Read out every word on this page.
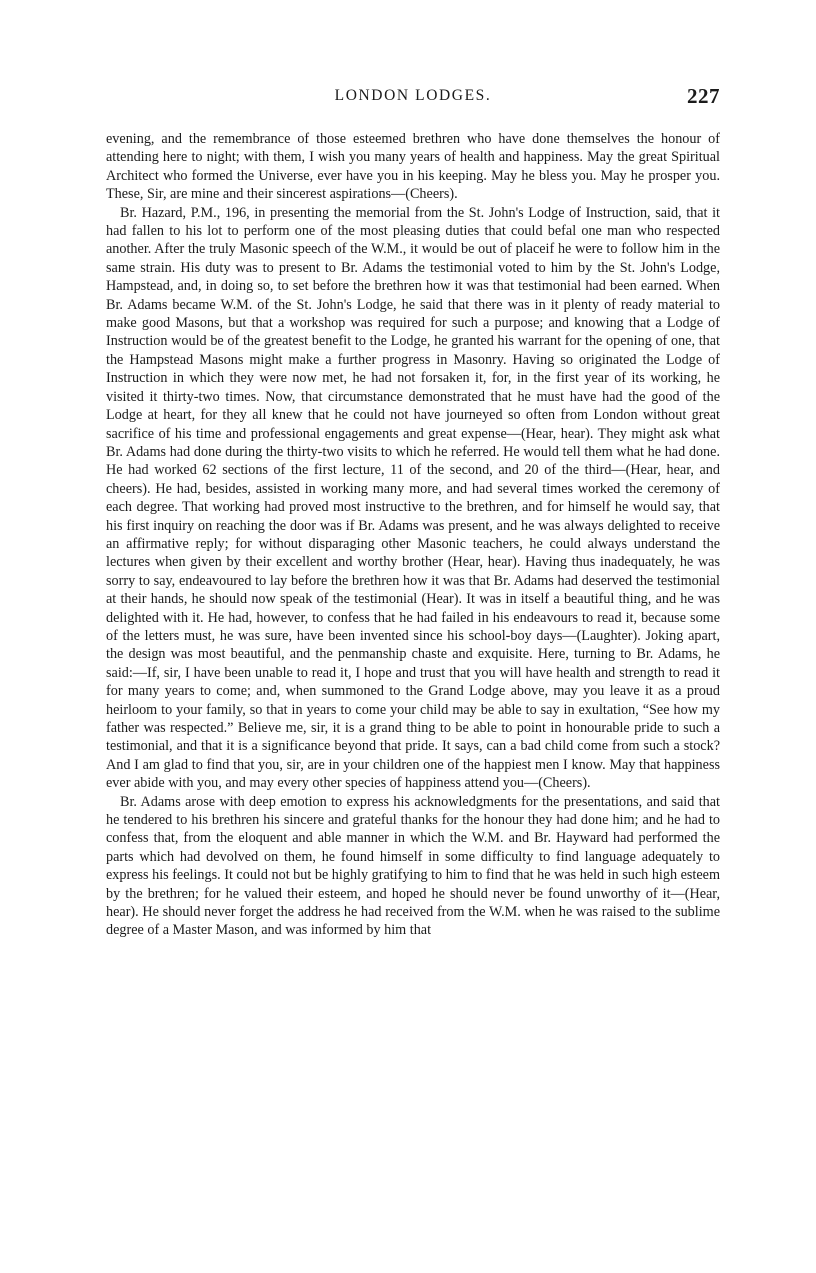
LONDON LODGES.	227

evening, and the remembrance of those esteemed brethren who have done themselves the honour of attending here to night; with them, I wish you many years of health and happiness. May the great Spiritual Architect who formed the Universe, ever have you in his keeping. May he bless you. May he prosper you. These, Sir, are mine and their sincerest aspirations—(Cheers).

Br. Hazard, P.M., 196, in presenting the memorial from the St. John's Lodge of Instruction, said, that it had fallen to his lot to perform one of the most pleasing duties that could befal one man who respected another. After the truly Masonic speech of the W.M., it would be out of placeif he were to follow him in the same strain. His duty was to present to Br. Adams the testimonial voted to him by the St. John's Lodge, Hampstead, and, in doing so, to set before the brethren how it was that testimonial had been earned. When Br. Adams became W.M. of the St. John's Lodge, he said that there was in it plenty of ready material to make good Masons, but that a workshop was required for such a purpose; and knowing that a Lodge of Instruction would be of the greatest benefit to the Lodge, he granted his warrant for the opening of one, that the Hampstead Masons might make a further progress in Masonry. Having so originated the Lodge of Instruction in which they were now met, he had not forsaken it, for, in the first year of its working, he visited it thirty-two times. Now, that circumstance demonstrated that he must have had the good of the Lodge at heart, for they all knew that he could not have journeyed so often from London without great sacrifice of his time and professional engagements and great expense—(Hear, hear). They might ask what Br. Adams had done during the thirty-two visits to which he referred. He would tell them what he had done. He had worked 62 sections of the first lecture, 11 of the second, and 20 of the third—(Hear, hear, and cheers). He had, besides, assisted in working many more, and had several times worked the ceremony of each degree. That working had proved most instructive to the brethren, and for himself he would say, that his first inquiry on reaching the door was if Br. Adams was present, and he was always delighted to receive an affirmative reply; for without disparaging other Masonic teachers, he could always understand the lectures when given by their excellent and worthy brother (Hear, hear). Having thus inadequately, he was sorry to say, endeavoured to lay before the brethren how it was that Br. Adams had deserved the testimonial at their hands, he should now speak of the testimonial (Hear). It was in itself a beautiful thing, and he was delighted with it. He had, however, to confess that he had failed in his endeavours to read it, because some of the letters must, he was sure, have been invented since his school-boy days—(Laughter). Joking apart, the design was most beautiful, and the penmanship chaste and exquisite. Here, turning to Br. Adams, he said:—If, sir, I have been unable to read it, I hope and trust that you will have health and strength to read it for many years to come; and, when summoned to the Grand Lodge above, may you leave it as a proud heirloom to your family, so that in years to come your child may be able to say in exultation, “See how my father was respected.” Believe me, sir, it is a grand thing to be able to point in honourable pride to such a testimonial, and that it is a significance beyond that pride. It says, can a bad child come from such a stock? And I am glad to find that you, sir, are in your children one of the happiest men I know. May that happiness ever abide with you, and may every other species of happiness attend you—(Cheers).

Br. Adams arose with deep emotion to express his acknowledgments for the presentations, and said that he tendered to his brethren his sincere and grateful thanks for the honour they had done him; and he had to confess that, from the eloquent and able manner in which the W.M. and Br. Hayward had performed the parts which had devolved on them, he found himself in some difficulty to find language adequately to express his feelings. It could not but be highly gratifying to him to find that he was held in such high esteem by the brethren; for he valued their esteem, and hoped he should never be found unworthy of it—(Hear, hear). He should never forget the address he had received from the W.M. when he was raised to the sublime degree of a Master Mason, and was informed by him that
